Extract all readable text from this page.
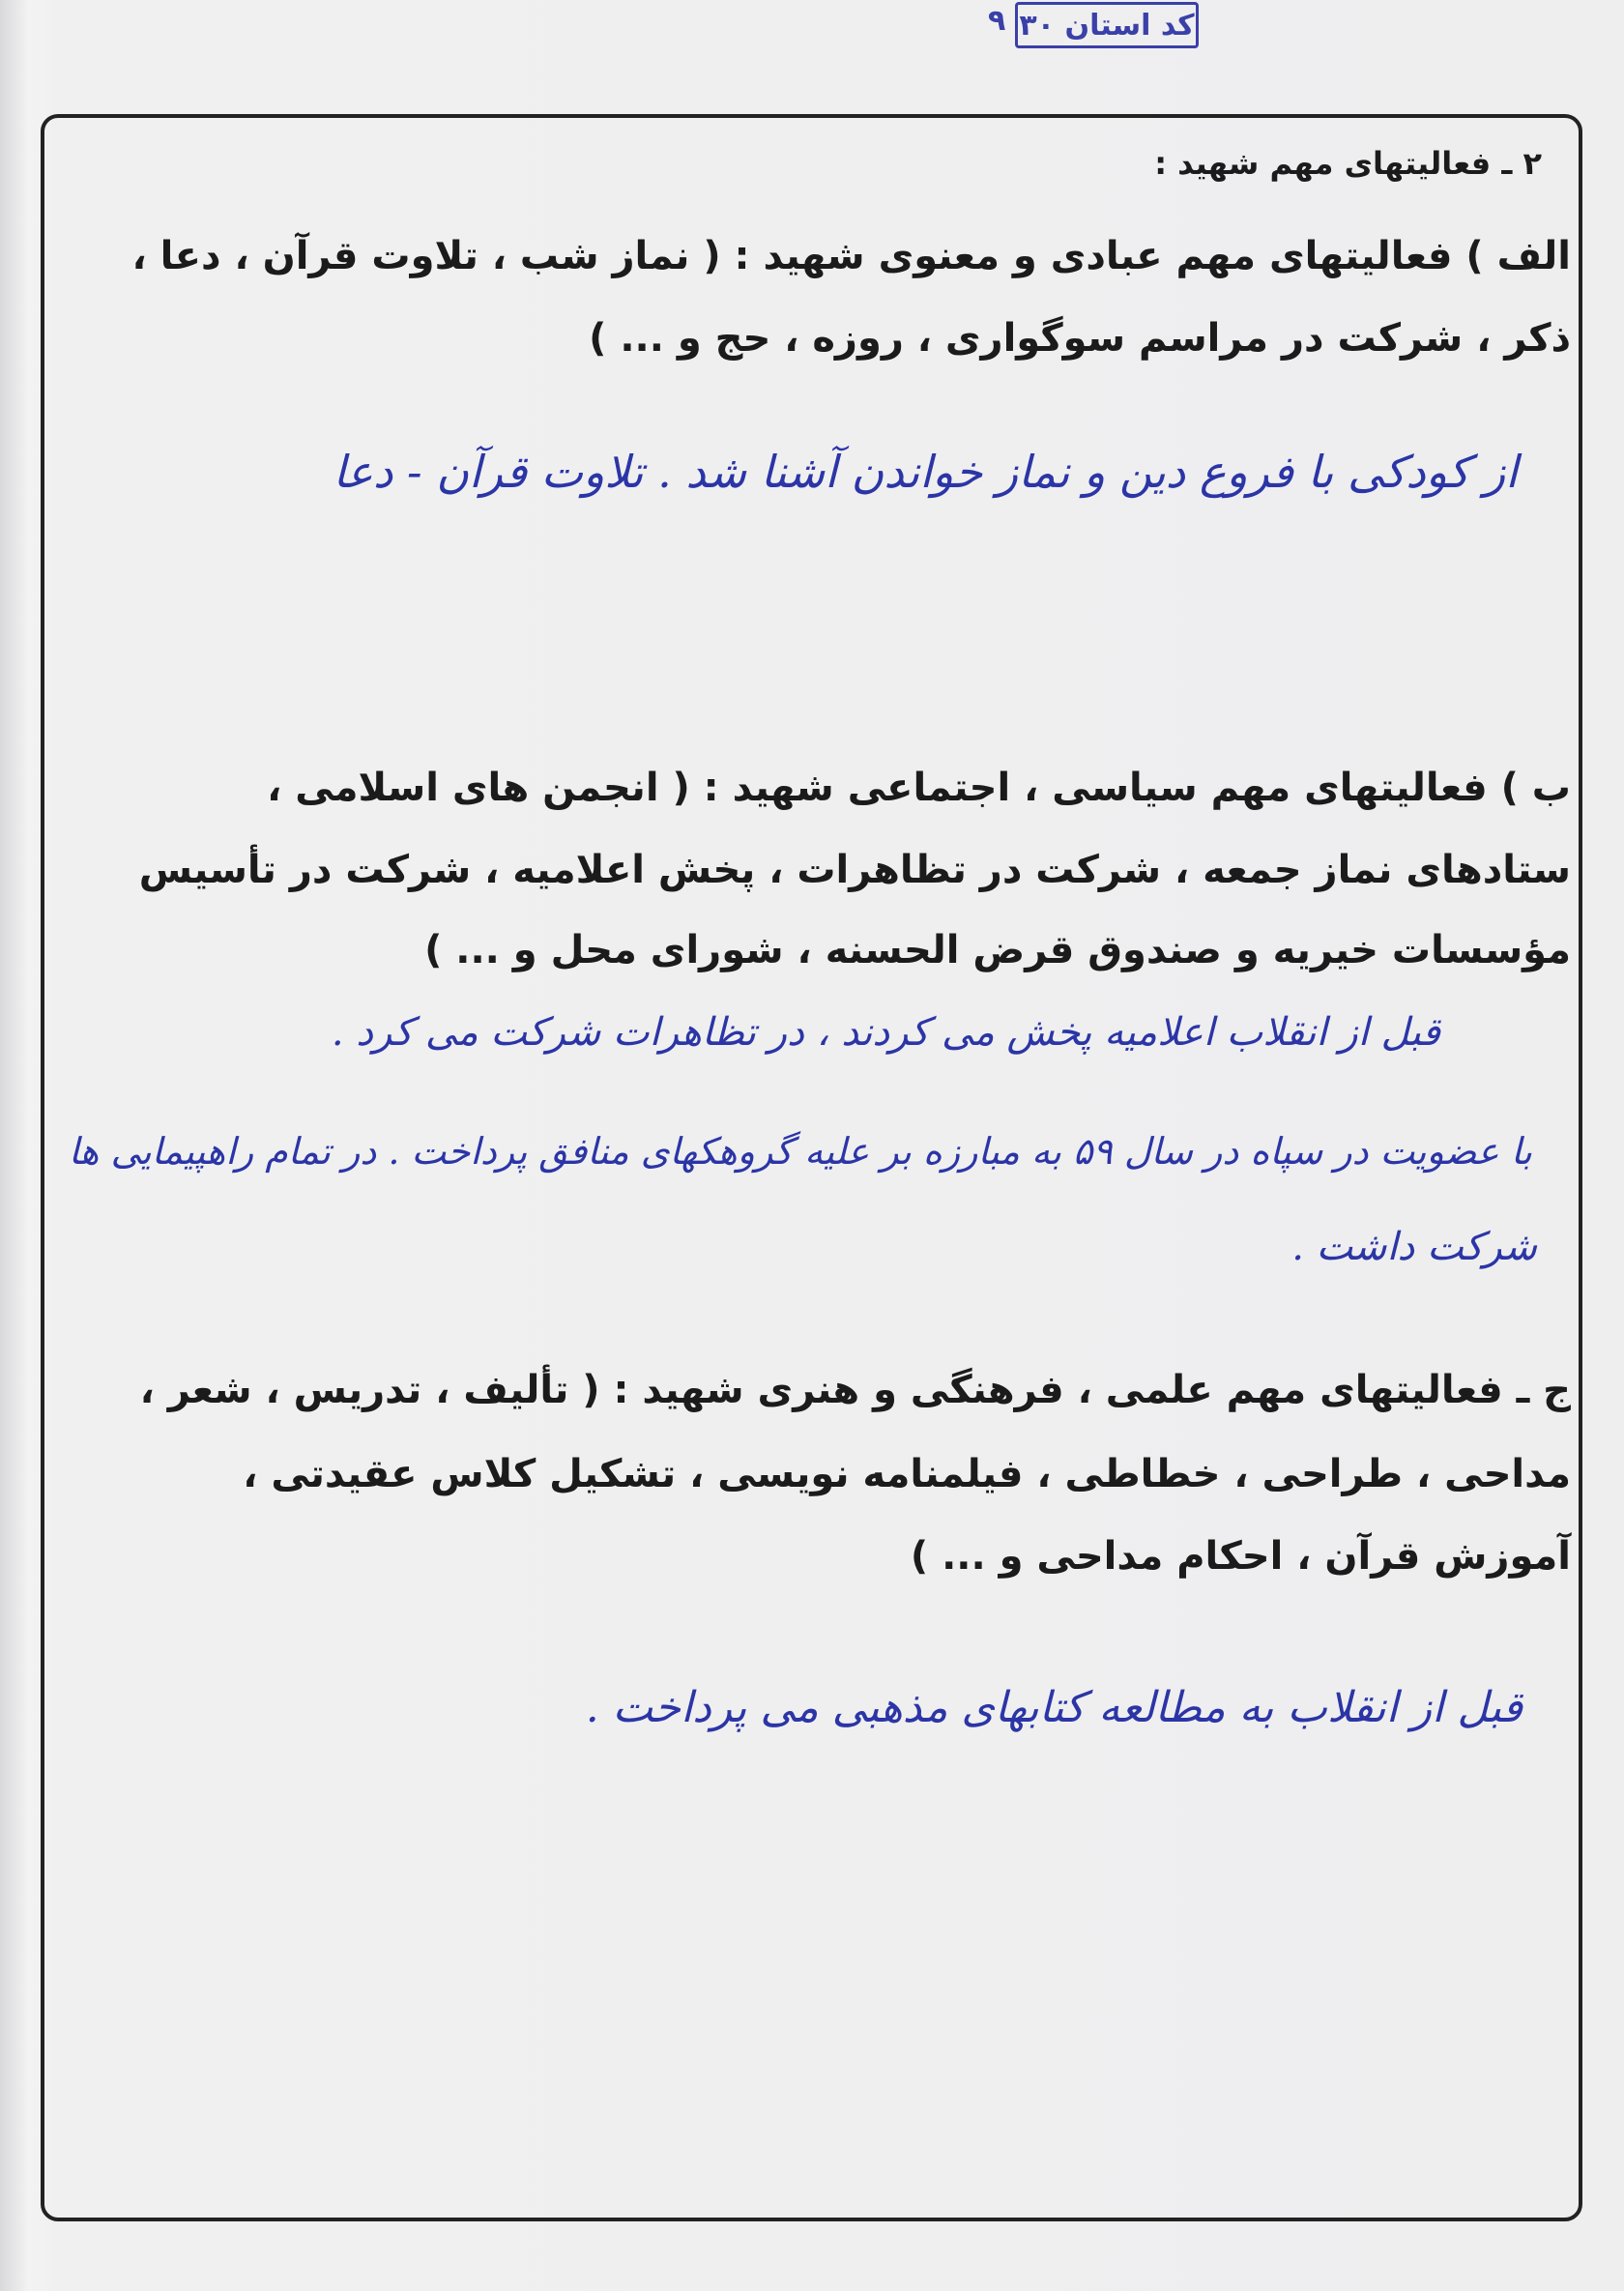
۹ کد استان ۳۰
۲ ـ فعالیتهای مهم شهید :
الف ) فعالیتهای مهم عبادی و معنوی شهید : ( نماز شب ، تلاوت قرآن ، دعا ،
ذکر ، شرکت در مراسم سوگواری ، روزه ، حج و ... )
از کودکی با فروع دین و نماز خواندن آشنا شد . تلاوت قرآن - دعا
ب ) فعالیتهای مهم سیاسی ، اجتماعی شهید : ( انجمن های اسلامی ،
ستادهای نماز جمعه ، شرکت در تظاهرات ، پخش اعلامیه ، شرکت در تأسیس
مؤسسات خیریه و صندوق قرض الحسنه ، شورای محل و ... )
قبل از انقلاب اعلامیه پخش می کردند ، در تظاهرات شرکت می کرد .
با عضویت در سپاه در سال ۵۹ به مبارزه بر علیه گروهکهای منافق پرداخت . در تمام راهپیمایی ها
شرکت داشت .
ج ـ فعالیتهای مهم علمی ، فرهنگی و هنری شهید : ( تألیف ، تدریس ، شعر ،
مداحی ، طراحی ، خطاطی ، فیلمنامه نویسی ، تشکیل کلاس عقیدتی ،
آموزش قرآن ، احکام مداحی و ... )
قبل از انقلاب به مطالعه کتابهای مذهبی می پرداخت .
